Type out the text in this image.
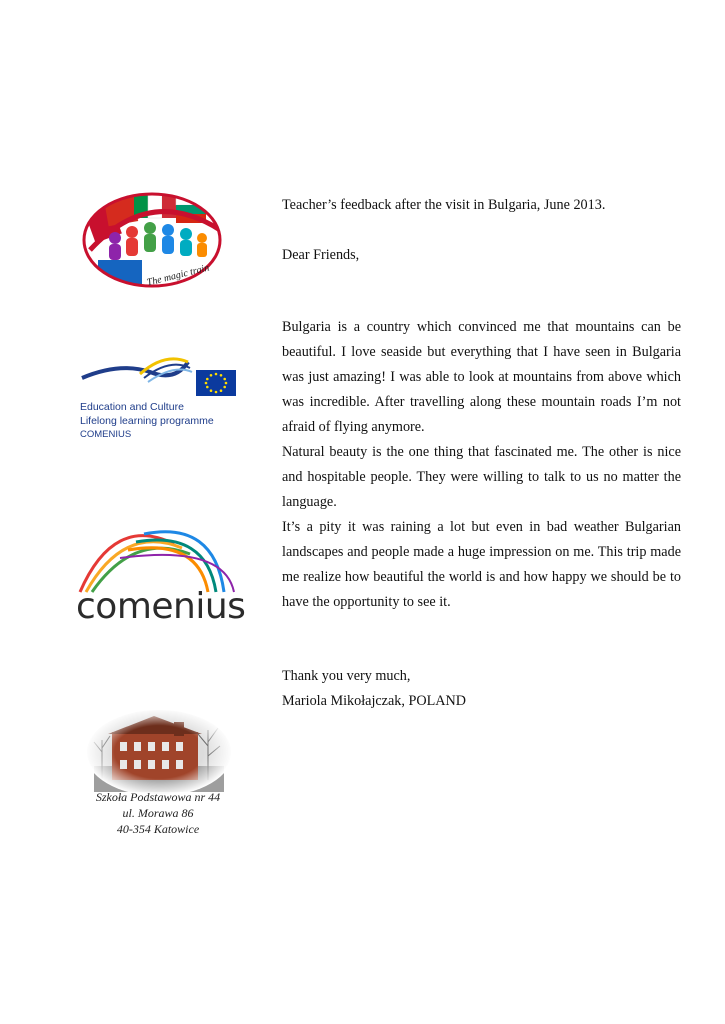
Teacher’s feedback after the visit in Bulgaria, June 2013.

Dear Friends,

Bulgaria is a country which convinced me that mountains can be beautiful. I love seaside but everything that I have seen in Bulgaria was just amazing! I was able to look at mountains from above which was incredible. After travelling along these mountain roads I’m not afraid of flying anymore.

Natural beauty is the one thing that fascinated me. The other is nice and hospitable people. They were willing to talk to us no matter the language.

It’s a pity it was raining a lot but even in bad weather Bulgarian landscapes and people made a huge impression on me. This trip made me realize how beautiful the world is and how happy we should be to have the opportunity to see it.

Thank you very much,

Mariola Mikołajczak, POLAND

The magic train
Education and Culture
Lifelong learning programme
COMENIUS
comenius
Szkoła Podstawowa nr 44
ul. Morawa 86
40-354 Katowice
